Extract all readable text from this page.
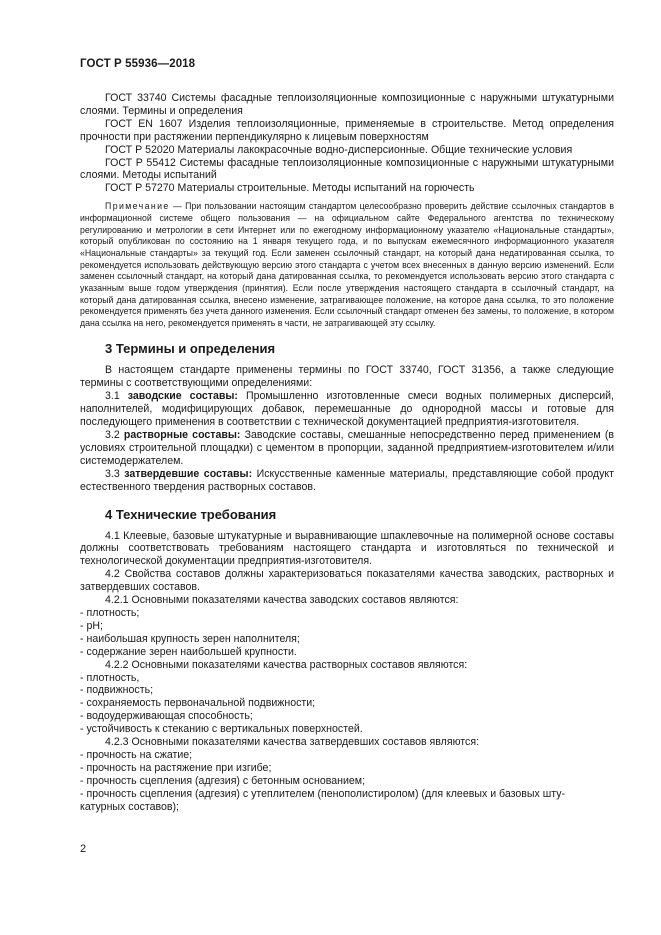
ГОСТ Р 55936—2018

ГОСТ 33740 Системы фасадные теплоизоляционные композиционные с наружными штукатурными слоями. Термины и определения

ГОСТ EN 1607 Изделия теплоизоляционные, применяемые в строительстве. Метод определения прочности при растяжении перпендикулярно к лицевым поверхностям

ГОСТ Р 52020 Материалы лакокрасочные водно-дисперсионные. Общие технические условия

ГОСТ Р 55412 Системы фасадные теплоизоляционные композиционные с наружными штукатурными слоями. Методы испытаний

ГОСТ Р 57270 Материалы строительные. Методы испытаний на горючесть

Примечание — При пользовании настоящим стандартом целесообразно проверить действие ссылочных стандартов в информационной системе общего пользования — на официальном сайте Федерального агентства по техническому регулированию и метрологии в сети Интернет или по ежегодному информационному указателю «Национальные стандарты», который опубликован по состоянию на 1 января текущего года, и по выпускам ежемесячного информационного указателя «Национальные стандарты» за текущий год. Если заменен ссылочный стандарт, на который дана недатированная ссылка, то рекомендуется использовать действующую версию этого стандарта с учетом всех внесенных в данную версию изменений. Если заменен ссылочный стандарт, на который дана датированная ссылка, то рекомендуется использовать версию этого стандарта с указанным выше годом утверждения (принятия). Если после утверждения настоящего стандарта в ссылочный стандарт, на который дана датированная ссылка, внесено изменение, затрагивающее положение, на которое дана ссылка, то это положение рекомендуется применять без учета данного изменения. Если ссылочный стандарт отменен без замены, то положение, в котором дана ссылка на него, рекомендуется применять в части, не затрагивающей эту ссылку.

3 Термины и определения

В настоящем стандарте применены термины по ГОСТ 33740, ГОСТ 31356, а также следующие термины с соответствующими определениями:

3.1 заводские составы: Промышленно изготовленные смеси водных полимерных дисперсий, наполнителей, модифицирующих добавок, перемешанные до однородной массы и готовые для последующего применения в соответствии с технической документацией предприятия-изготовителя.

3.2 растворные составы: Заводские составы, смешанные непосредственно перед применением (в условиях строительной площадки) с цементом в пропорции, заданной предприятием-изготовителем и/или системодержателем.

3.3 затвердевшие составы: Искусственные каменные материалы, представляющие собой продукт естественного твердения растворных составов.

4 Технические требования

4.1 Клеевые, базовые штукатурные и выравнивающие шпаклевочные на полимерной основе составы должны соответствовать требованиям настоящего стандарта и изготовляться по технической и технологической документации предприятия-изготовителя.

4.2 Свойства составов должны характеризоваться показателями качества заводских, растворных и затвердевших составов.

4.2.1 Основными показателями качества заводских составов являются:

- плотность;

- pH;

- наибольшая крупность зерен наполнителя;

- содержание зерен наибольшей крупности.

4.2.2 Основными показателями качества растворных составов являются:

- плотность,

- подвижность;

- сохраняемость первоначальной подвижности;

- водоудерживающая способность;

- устойчивость к стеканию с вертикальных поверхностей.

4.2.3 Основными показателями качества затвердевших составов являются:

- прочность на сжатие;

- прочность на растяжение при изгибе;

- прочность сцепления (адгезия) с бетонным основанием;

- прочность сцепления (адгезия) с утеплителем (пенополистиролом) (для клеевых и базовых шту-

катурных составов);

2
